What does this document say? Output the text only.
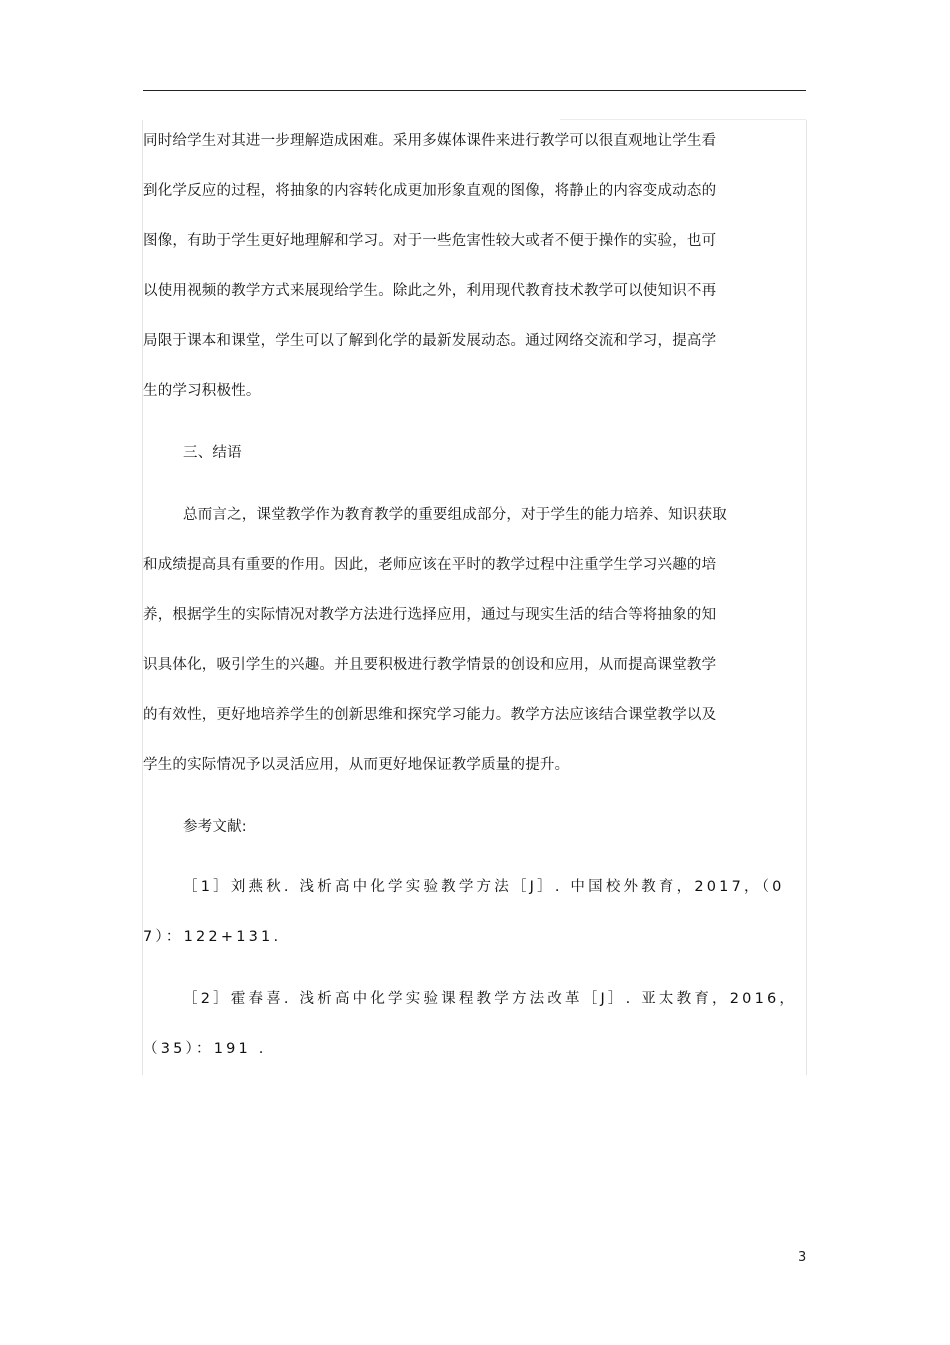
同时给学生对其进一步理解造成困难。采用多媒体课件来进行教学可以很直观地让学生看
到化学反应的过程，将抽象的内容转化成更加形象直观的图像，将静止的内容变成动态的
图像，有助于学生更好地理解和学习。对于一些危害性较大或者不便于操作的实验，也可
以使用视频的教学方式来展现给学生。除此之外，利用现代教育技术教学可以使知识不再
局限于课本和课堂，学生可以了解到化学的最新发展动态。通过网络交流和学习，提高学
生的学习积极性。
三、结语
总而言之，课堂教学作为教育教学的重要组成部分，对于学生的能力培养、知识获取
和成绩提高具有重要的作用。因此，老师应该在平时的教学过程中注重学生学习兴趣的培
养，根据学生的实际情况对教学方法进行选择应用，通过与现实生活的结合等将抽象的知
识具体化，吸引学生的兴趣。并且要积极进行教学情景的创设和应用，从而提高课堂教学
的有效性，更好地培养学生的创新思维和探究学习能力。教学方法应该结合课堂教学以及
学生的实际情况予以灵活应用，从而更好地保证教学质量的提升。
参考文献:
［1］刘燕秋. 浅析高中化学实验教学方法［J］. 中国校外教育，2017，（0
7）：122+131.
［2］霍春喜. 浅析高中化学实验课程教学方法改革［J］. 亚太教育，2016，
（35）：191 .
3
